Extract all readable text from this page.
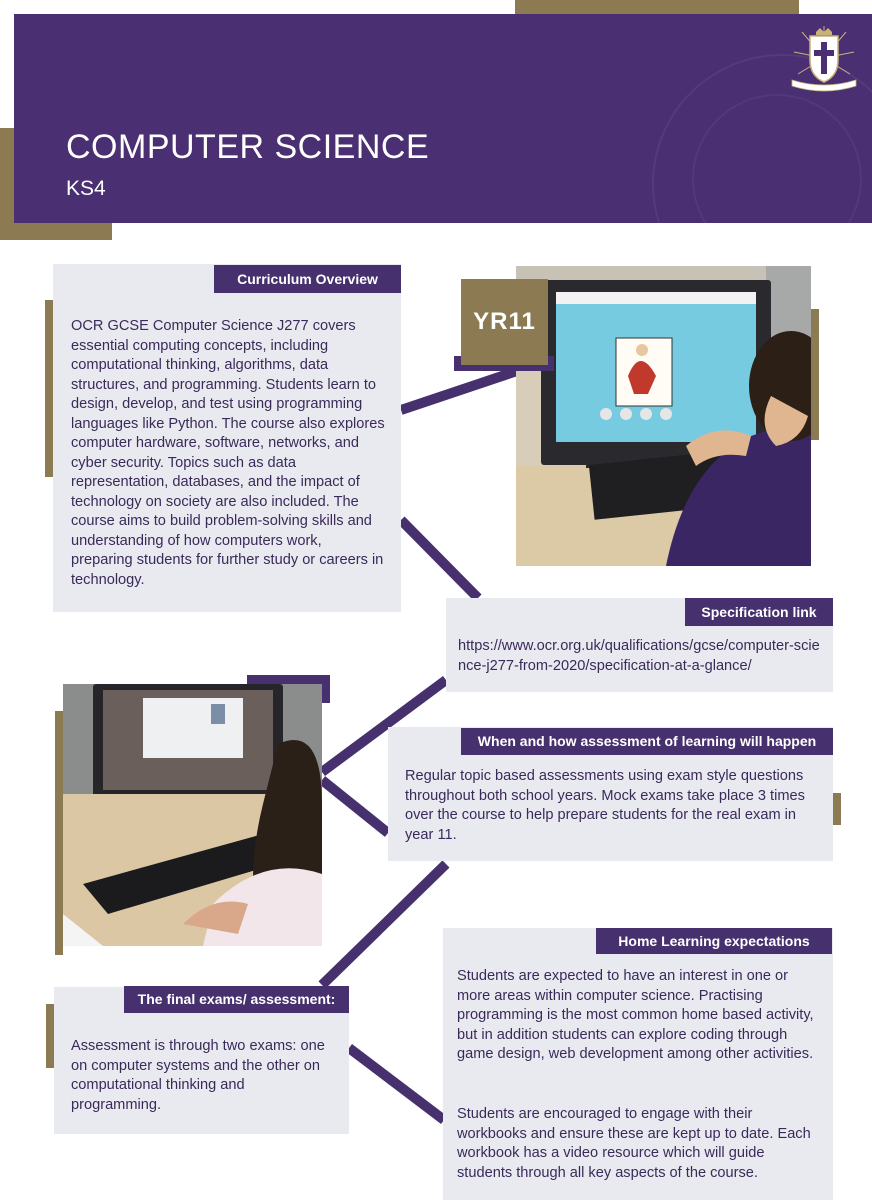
COMPUTER SCIENCE
KS4
Curriculum Overview
OCR GCSE Computer Science J277 covers essential computing concepts, including computational thinking, algorithms, data structures, and programming. Students learn to design, develop, and test using programming languages like Python. The course also explores computer hardware, software, networks, and cyber security. Topics such as data representation, databases, and the impact of technology on society are also included. The course aims to build problem-solving skills and understanding of how computers work, preparing students for further study or careers in technology.
YR11
Specification link
https://www.ocr.org.uk/qualifications/gcse/computer-science-j277-from-2020/specification-at-a-glance/
When and how assessment of learning will happen
Regular topic based assessments using exam style questions throughout both school years. Mock exams take place 3 times over the course to help prepare students for the real exam in year 11.
The final exams/ assessment:
Assessment is through two exams: one on computer systems and the other on computational thinking and programming.
Home Learning expectations
Students are expected to have an interest in one or more areas within computer science. Practising programming is the most common home based activity, but in addition students can explore coding through game design, web development among other activities.
Students are encouraged to engage with their workbooks and ensure these are kept up to date. Each workbook has a video resource which will guide students through all key aspects of the course.
